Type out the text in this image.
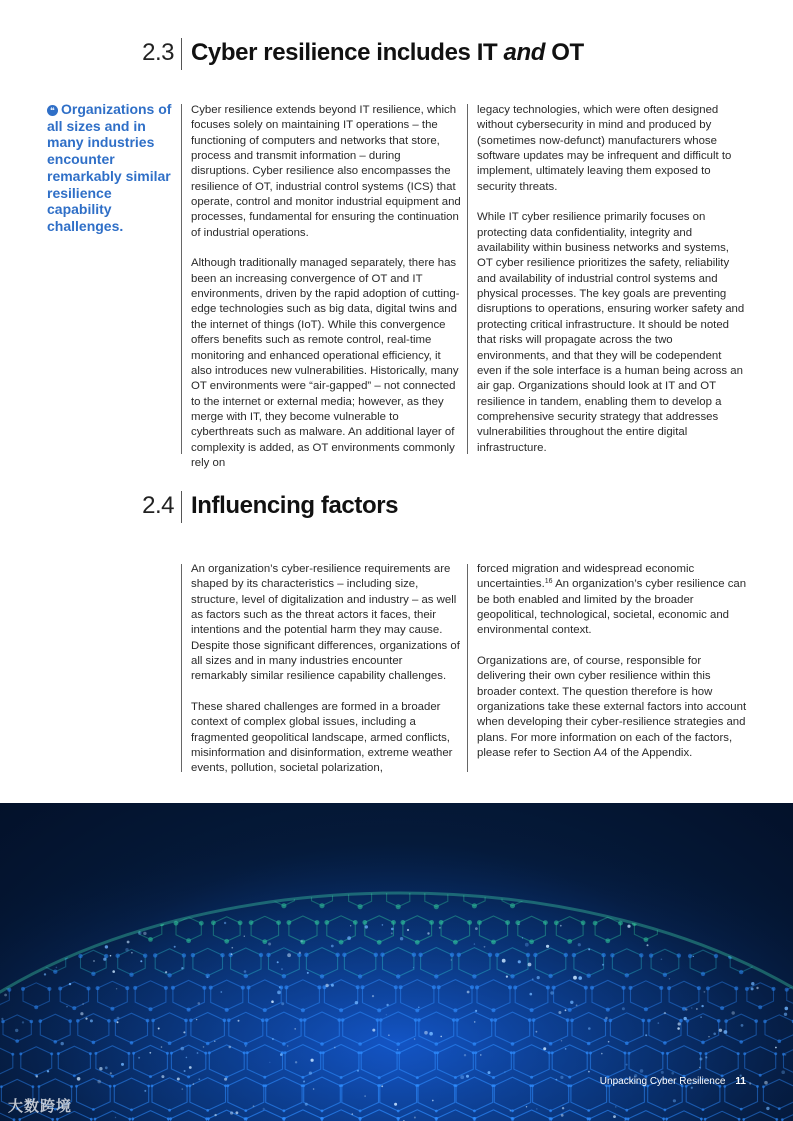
2.3 Cyber resilience includes IT and OT
❝ Organizations of all sizes and in many industries encounter remarkably similar resilience capability challenges.

Cyber resilience extends beyond IT resilience, which focuses solely on maintaining IT operations – the functioning of computers and networks that store, process and transmit information – during disruptions. Cyber resilience also encompasses the resilience of OT, industrial control systems (ICS) that operate, control and monitor industrial equipment and processes, fundamental for ensuring the continuation of industrial operations.

Although traditionally managed separately, there has been an increasing convergence of OT and IT environments, driven by the rapid adoption of cutting-edge technologies such as big data, digital twins and the internet of things (IoT). While this convergence offers benefits such as remote control, real-time monitoring and enhanced operational efficiency, it also introduces new vulnerabilities. Historically, many OT environments were “air-gapped” – not connected to the internet or external media; however, as they merge with IT, they become vulnerable to cyberthreats such as malware. An additional layer of complexity is added, as OT environments commonly rely on

legacy technologies, which were often designed without cybersecurity in mind and produced by (sometimes now-defunct) manufacturers whose software updates may be infrequent and difficult to implement, ultimately leaving them exposed to security threats.

While IT cyber resilience primarily focuses on protecting data confidentiality, integrity and availability within business networks and systems, OT cyber resilience prioritizes the safety, reliability and availability of industrial control systems and physical processes. The key goals are preventing disruptions to operations, ensuring worker safety and protecting critical infrastructure. It should be noted that risks will propagate across the two environments, and that they will be codependent even if the sole interface is a human being across an air gap. Organizations should look at IT and OT resilience in tandem, enabling them to develop a comprehensive security strategy that addresses vulnerabilities throughout the entire digital infrastructure.

2.4 Influencing factors

An organization’s cyber-resilience requirements are shaped by its characteristics – including size, structure, level of digitalization and industry – as well as factors such as the threat actors it faces, their intentions and the potential harm they may cause. Despite those significant differences, organizations of all sizes and in many industries encounter remarkably similar resilience capability challenges.

These shared challenges are formed in a broader context of complex global issues, including a fragmented geopolitical landscape, armed conflicts, misinformation and disinformation, extreme weather events, pollution, societal polarization,

forced migration and widespread economic uncertainties.$^{16}$ An organization’s cyber resilience can be both enabled and limited by the broader geopolitical, technological, societal, economic and environmental context.

Organizations are, of course, responsible for delivering their own cyber resilience within this broader context. The question therefore is how organizations take these external factors into account when developing their cyber-resilience strategies and plans. For more information on each of the factors, please refer to Section A4 of the Appendix.

Unpacking Cyber Resilience 11
大数跨境
